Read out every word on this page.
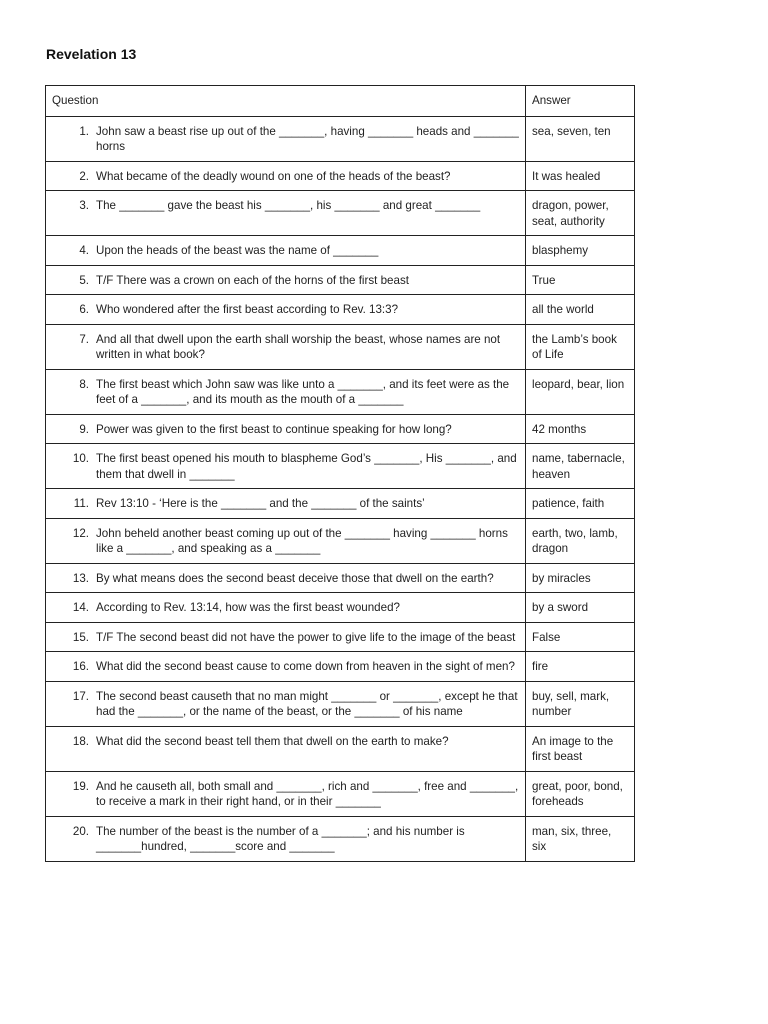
Revelation 13
Question	Answer

1. John saw a beast rise up out of the _______, having _______ heads and _______ horns	sea, seven, ten

2. What became of the deadly wound on one of the heads of the beast?	It was healed

3. The _______ gave the beast his _______, his _______ and great _______	dragon, power, seat, authority

4. Upon the heads of the beast was the name of _______	blasphemy

5. T/F There was a crown on each of the horns of the first beast	True

6. Who wondered after the first beast according to Rev. 13:3?	all the world

7. And all that dwell upon the earth shall worship the beast, whose names are not written in what book?	the Lamb’s book of Life

8. The first beast which John saw was like unto a _______, and its feet were as the feet of a _______, and its mouth as the mouth of a _______	leopard, bear, lion

9. Power was given to the first beast to continue speaking for how long?	42 months

10. The first beast opened his mouth to blaspheme God’s _______, His _______, and them that dwell in _______	name, tabernacle, heaven

11. Rev 13:10 - ‘Here is the _______ and the _______ of the saints’	patience, faith

12. John beheld another beast coming up out of the _______ having _______ horns like a _______, and speaking as a _______	earth, two, lamb, dragon

13. By what means does the second beast deceive those that dwell on the earth?	by miracles

14. According to Rev. 13:14, how was the first beast wounded?	by a sword

15. T/F The second beast did not have the power to give life to the image of the beast	False

16. What did the second beast cause to come down from heaven in the sight of men?	fire

17. The second beast causeth that no man might _______ or _______, except he that had the _______, or the name of the beast, or the _______ of his name	buy, sell, mark, number

18. What did the second beast tell them that dwell on the earth to make?	An image to the first beast

19. And he causeth all, both small and _______, rich and _______, free and _______, to receive a mark in their right hand, or in their _______	great, poor, bond, foreheads

20. The number of the beast is the number of a _______; and his number is _______hundred, _______score and _______	man, six, three, six
